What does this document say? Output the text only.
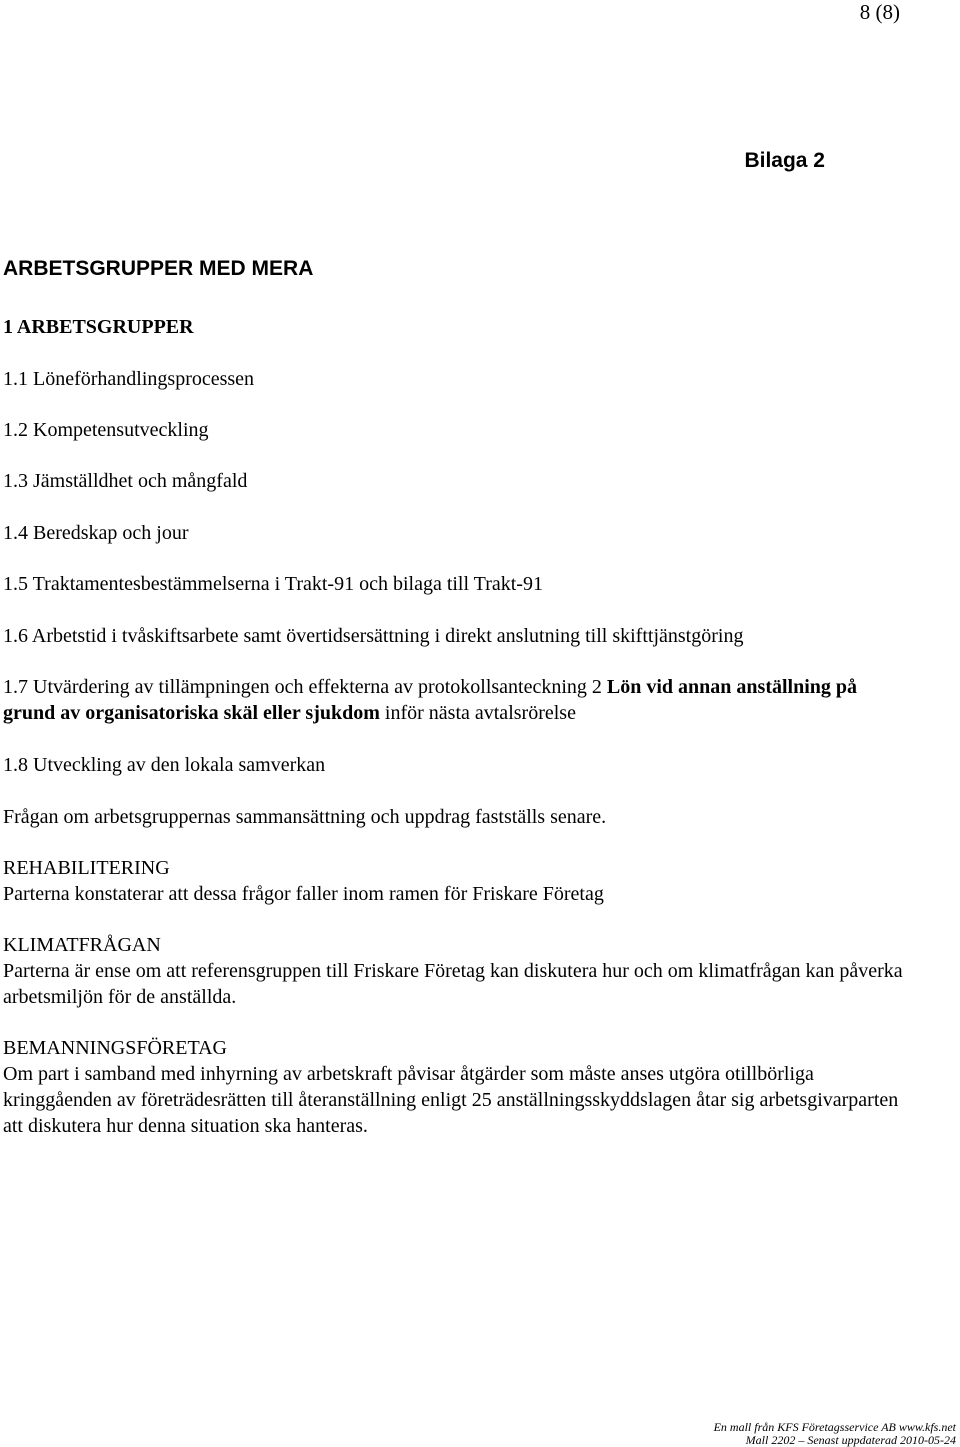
8 (8)
Bilaga 2
ARBETSGRUPPER MED MERA
1 ARBETSGRUPPER
1.1 Löneförhandlingsprocessen
1.2 Kompetensutveckling
1.3 Jämställdhet och mångfald
1.4 Beredskap och jour
1.5 Traktamentesbestämmelserna i Trakt-91 och bilaga till Trakt-91
1.6 Arbetstid i tvåskiftsarbete samt övertidsersättning i direkt anslutning till skifttjänstgöring
1.7 Utvärdering av tillämpningen och effekterna av protokollsanteckning 2 Lön vid annan anställning på grund av organisatoriska skäl eller sjukdom inför nästa avtalsrörelse
1.8 Utveckling av den lokala samverkan
Frågan om arbetsgruppernas sammansättning och uppdrag fastställs senare.
REHABILITERING
Parterna konstaterar att dessa frågor faller inom ramen för Friskare Företag
KLIMATFRÅGAN
Parterna är ense om att referensgruppen till Friskare Företag kan diskutera hur och om klimatfrågan kan påverka arbetsmiljön för de anställda.
BEMANNINGSFÖRETAG
Om part i samband med inhyrning av arbetskraft påvisar åtgärder som måste anses utgöra otillbörliga kringgåenden av företrädesrätten till återanställning enligt 25 anställningsskyddslagen åtar sig arbetsgivarparten att diskutera hur denna situation ska hanteras.
En mall från KFS Företagsservice AB www.kfs.net
Mall 2202 – Senast uppdaterad 2010-05-24
